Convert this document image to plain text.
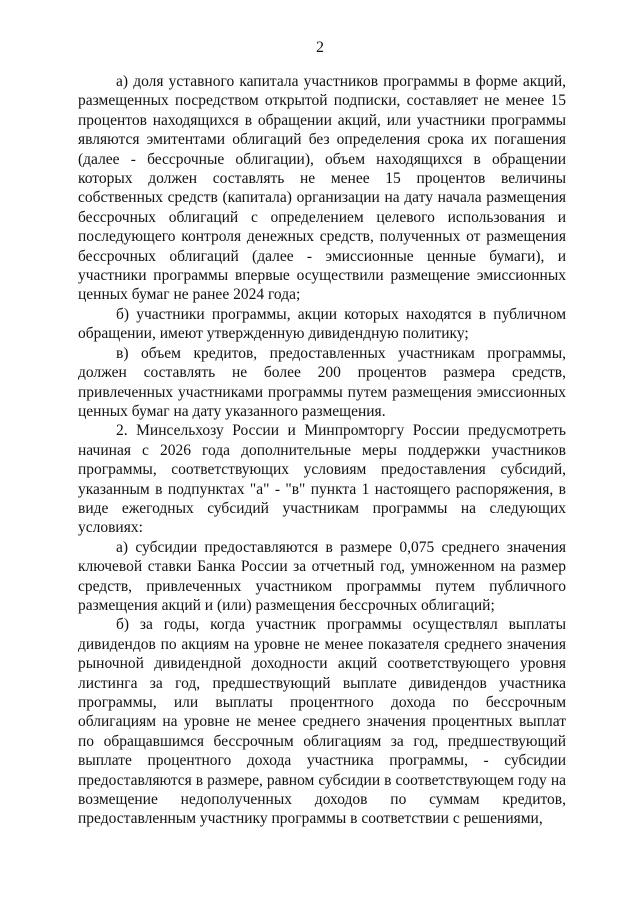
2

а) доля уставного капитала участников программы в форме акций, размещенных посредством открытой подписки, составляет не менее 15 процентов находящихся в обращении акций, или участники программы являются эмитентами облигаций без определения срока их погашения (далее - бессрочные облигации), объем находящихся в обращении которых должен составлять не менее 15 процентов величины собственных средств (капитала) организации на дату начала размещения бессрочных облигаций с определением целевого использования и последующего контроля денежных средств, полученных от размещения бессрочных облигаций (далее - эмиссионные ценные бумаги), и участники программы впервые осуществили размещение эмиссионных ценных бумаг не ранее 2024 года;

б) участники программы, акции которых находятся в публичном обращении, имеют утвержденную дивидендную политику;

в) объем кредитов, предоставленных участникам программы, должен составлять не более 200 процентов размера средств, привлеченных участниками программы путем размещения эмиссионных ценных бумаг на дату указанного размещения.

2. Минсельхозу России и Минпромторгу России предусмотреть начиная с 2026 года дополнительные меры поддержки участников программы, соответствующих условиям предоставления субсидий, указанным в подпунктах "а" - "в" пункта 1 настоящего распоряжения, в виде ежегодных субсидий участникам программы на следующих условиях:

а) субсидии предоставляются в размере 0,075 среднего значения ключевой ставки Банка России за отчетный год, умноженном на размер средств, привлеченных участником программы путем публичного размещения акций и (или) размещения бессрочных облигаций;

б) за годы, когда участник программы осуществлял выплаты дивидендов по акциям на уровне не менее показателя среднего значения рыночной дивидендной доходности акций соответствующего уровня листинга за год, предшествующий выплате дивидендов участника программы, или выплаты процентного дохода по бессрочным облигациям на уровне не менее среднего значения процентных выплат по обращавшимся бессрочным облигациям за год, предшествующий выплате процентного дохода участника программы, - субсидии предоставляются в размере, равном субсидии в соответствующем году на возмещение недополученных доходов по суммам кредитов, предоставленным участнику программы в соответствии с решениями,
